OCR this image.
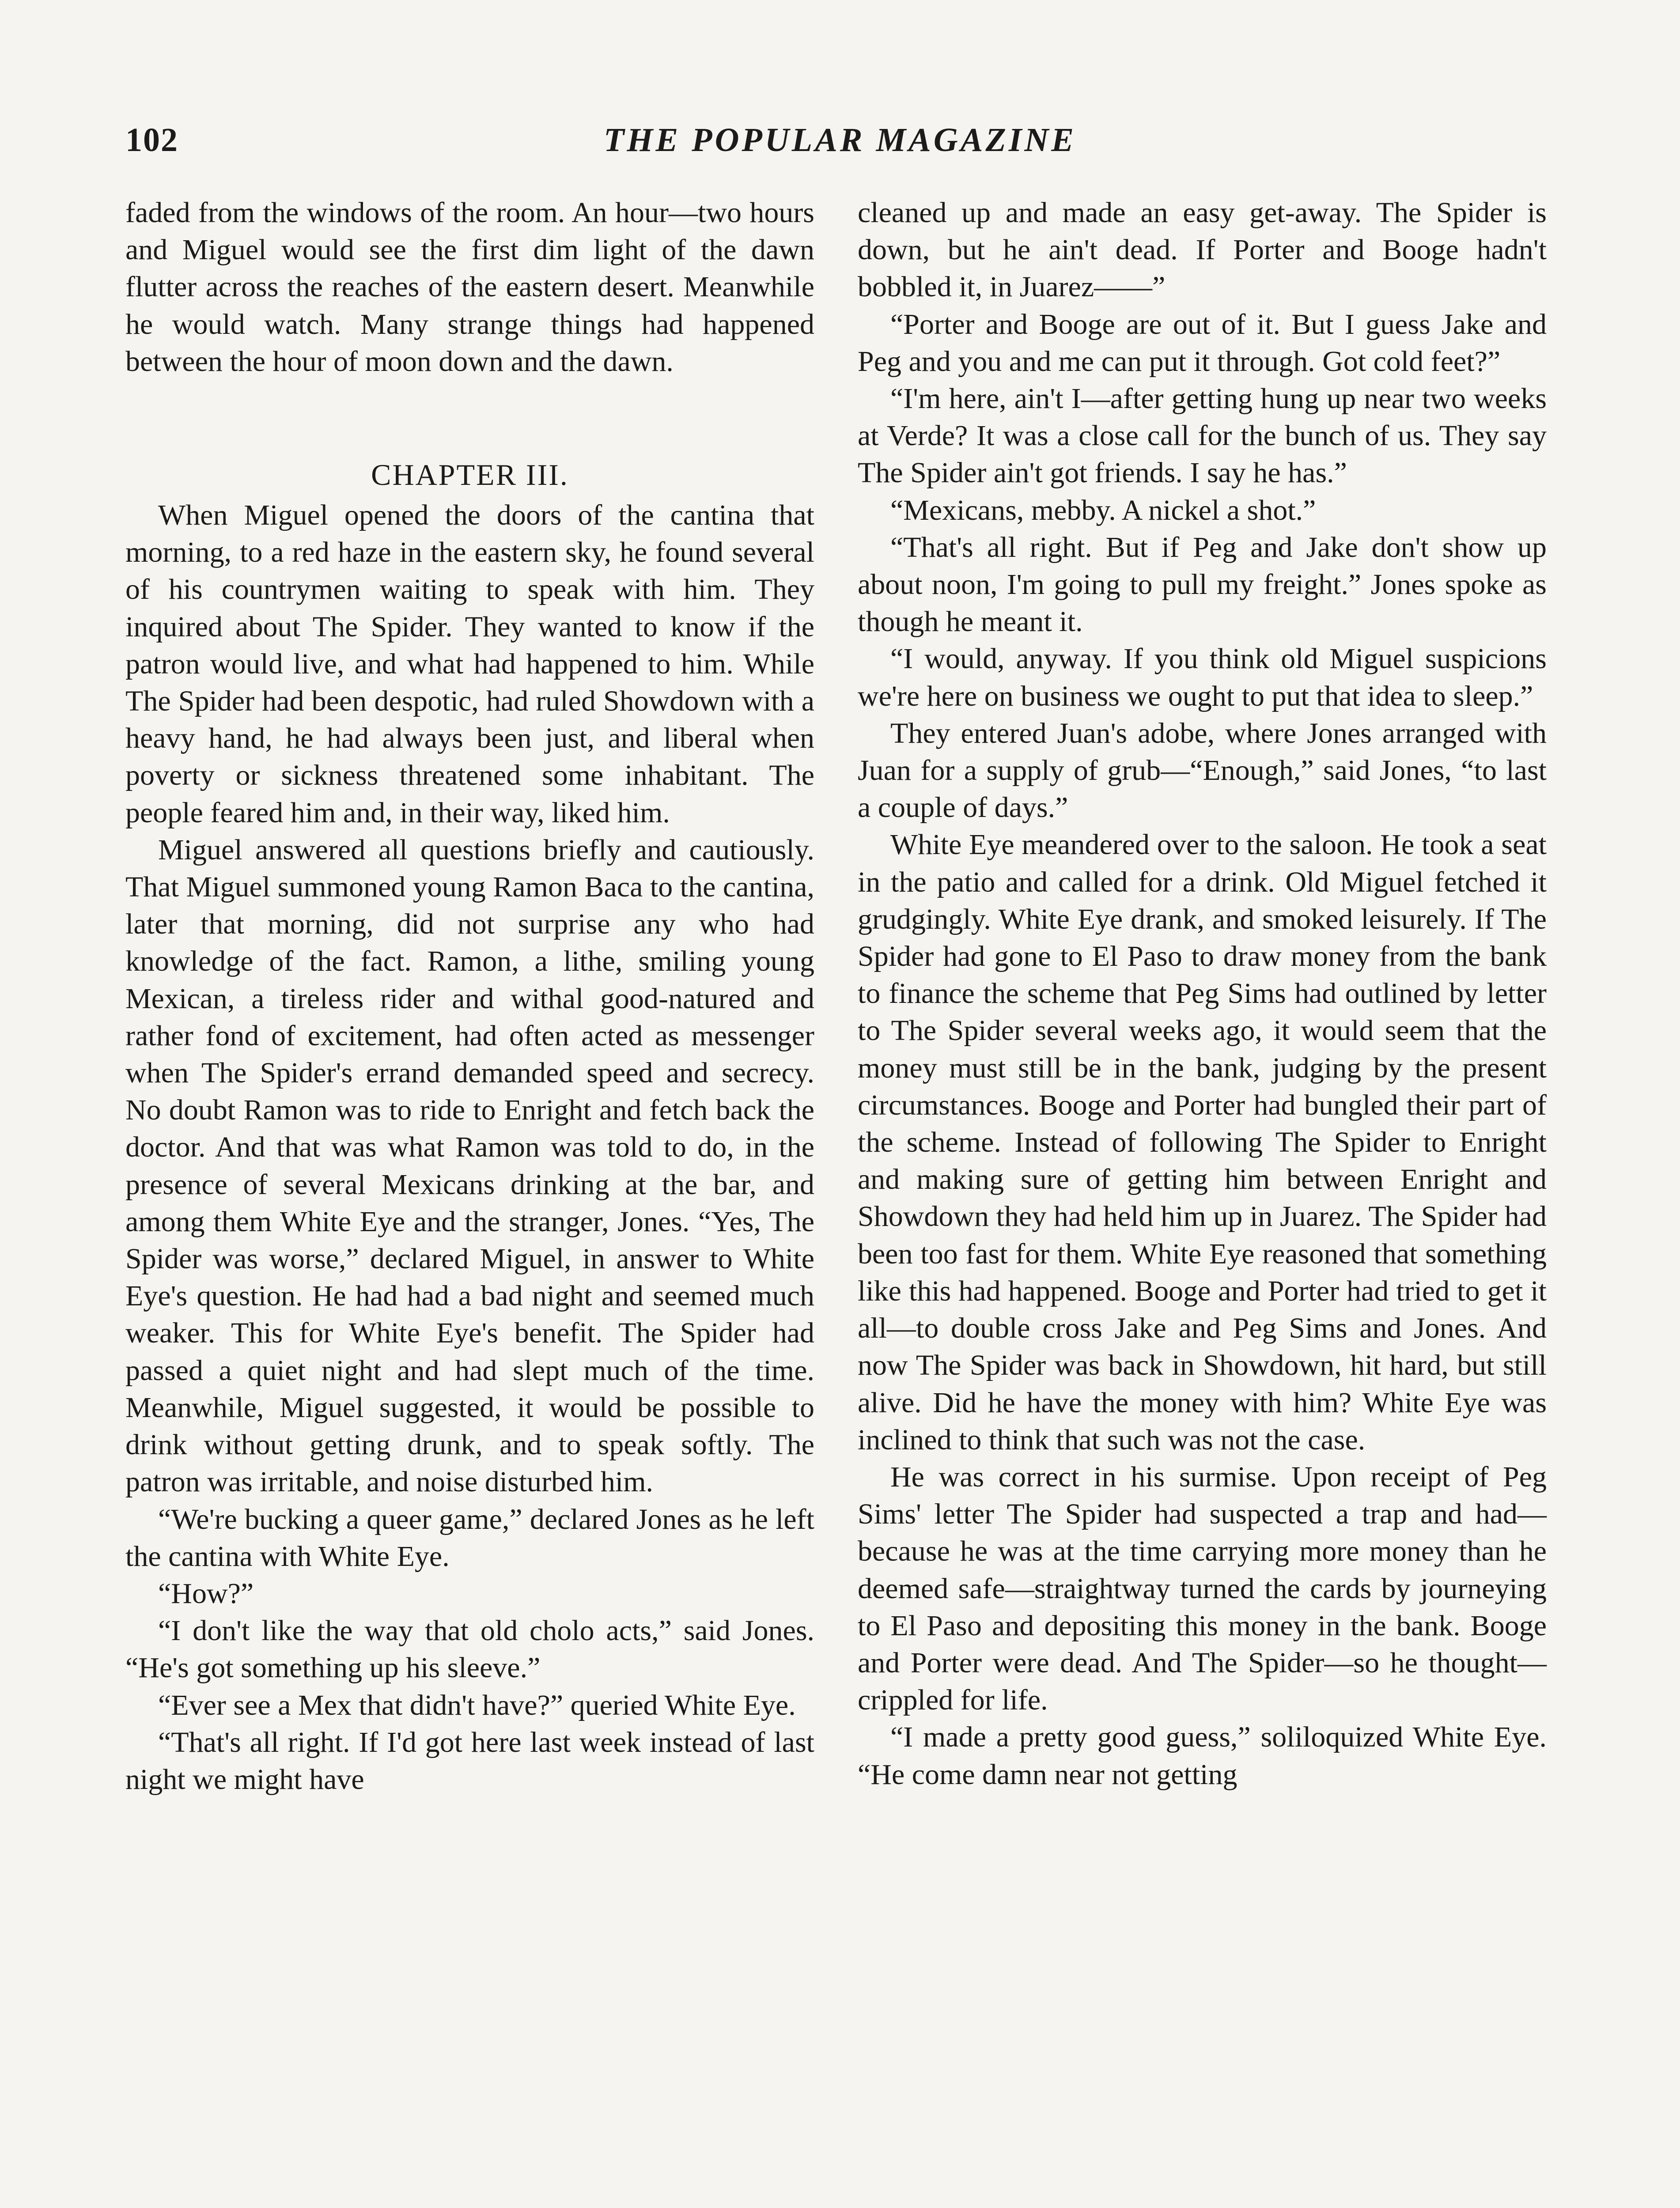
102	THE POPULAR MAGAZINE

faded from the windows of the room. An hour—two hours and Miguel would see the first dim light of the dawn flutter across the reaches of the eastern desert. Meanwhile he would watch. Many strange things had happened between the hour of moon down and the dawn.

CHAPTER III.

When Miguel opened the doors of the cantina that morning, to a red haze in the eastern sky, he found several of his countrymen waiting to speak with him. They inquired about The Spider. They wanted to know if the patron would live, and what had happened to him. While The Spider had been despotic, had ruled Showdown with a heavy hand, he had always been just, and liberal when poverty or sickness threatened some inhabitant. The people feared him and, in their way, liked him.

Miguel answered all questions briefly and cautiously. That Miguel summoned young Ramon Baca to the cantina, later that morning, did not surprise any who had knowledge of the fact. Ramon, a lithe, smiling young Mexican, a tireless rider and withal good-natured and rather fond of excitement, had often acted as messenger when The Spider's errand demanded speed and secrecy. No doubt Ramon was to ride to Enright and fetch back the doctor. And that was what Ramon was told to do, in the presence of several Mexicans drinking at the bar, and among them White Eye and the stranger, Jones. “Yes, The Spider was worse,” declared Miguel, in answer to White Eye's question. He had had a bad night and seemed much weaker. This for White Eye's benefit. The Spider had passed a quiet night and had slept much of the time. Meanwhile, Miguel suggested, it would be possible to drink without getting drunk, and to speak softly. The patron was irritable, and noise disturbed him.

“We're bucking a queer game,” declared Jones as he left the cantina with White Eye.

“How?”

“I don't like the way that old cholo acts,” said Jones. “He's got something up his sleeve.”

“Ever see a Mex that didn't have?” queried White Eye.

“That's all right. If I'd got here last week instead of last night we might have

cleaned up and made an easy get-away. The Spider is down, but he ain't dead. If Porter and Booge hadn't bobbled it, in Juarez——”

“Porter and Booge are out of it. But I guess Jake and Peg and you and me can put it through. Got cold feet?”

“I'm here, ain't I—after getting hung up near two weeks at Verde? It was a close call for the bunch of us. They say The Spider ain't got friends. I say he has.”

“Mexicans, mebby. A nickel a shot.”

“That's all right. But if Peg and Jake don't show up about noon, I'm going to pull my freight.” Jones spoke as though he meant it.

“I would, anyway. If you think old Miguel suspicions we're here on business we ought to put that idea to sleep.”

They entered Juan's adobe, where Jones arranged with Juan for a supply of grub—“Enough,” said Jones, “to last a couple of days.”

White Eye meandered over to the saloon. He took a seat in the patio and called for a drink. Old Miguel fetched it grudgingly. White Eye drank, and smoked leisurely. If The Spider had gone to El Paso to draw money from the bank to finance the scheme that Peg Sims had outlined by letter to The Spider several weeks ago, it would seem that the money must still be in the bank, judging by the present circumstances. Booge and Porter had bungled their part of the scheme. Instead of following The Spider to Enright and making sure of getting him between Enright and Showdown they had held him up in Juarez. The Spider had been too fast for them. White Eye reasoned that something like this had happened. Booge and Porter had tried to get it all—to double cross Jake and Peg Sims and Jones. And now The Spider was back in Showdown, hit hard, but still alive. Did he have the money with him? White Eye was inclined to think that such was not the case.

He was correct in his surmise. Upon receipt of Peg Sims' letter The Spider had suspected a trap and had—because he was at the time carrying more money than he deemed safe—straightway turned the cards by journeying to El Paso and depositing this money in the bank. Booge and Porter were dead. And The Spider—so he thought—crippled for life.

“I made a pretty good guess,” soliloquized White Eye. “He come damn near not getting
